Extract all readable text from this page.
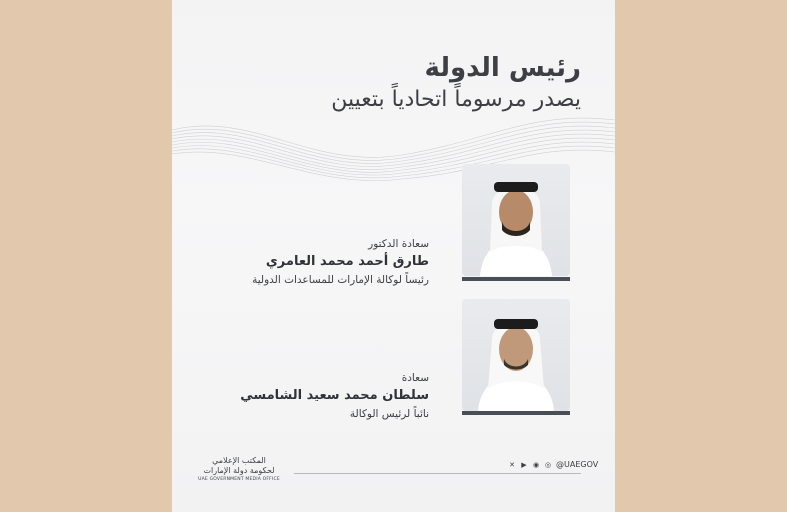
رئيس الدولة
يصدر مرسوماً اتحادياً بتعيين
سعادة الدكتور
طارق أحمد محمد العامري
رئيساً لوكالة الإمارات للمساعدات الدولية
سعادة
سلطان محمد سعيد الشامسي
نائباً لرئيس الوكالة
المكتب الإعلامي
لحكومة دولة الإمارات
UAE GOVERNMENT MEDIA OFFICE
✕ ▶ ◉ ◎ @UAEGOV
